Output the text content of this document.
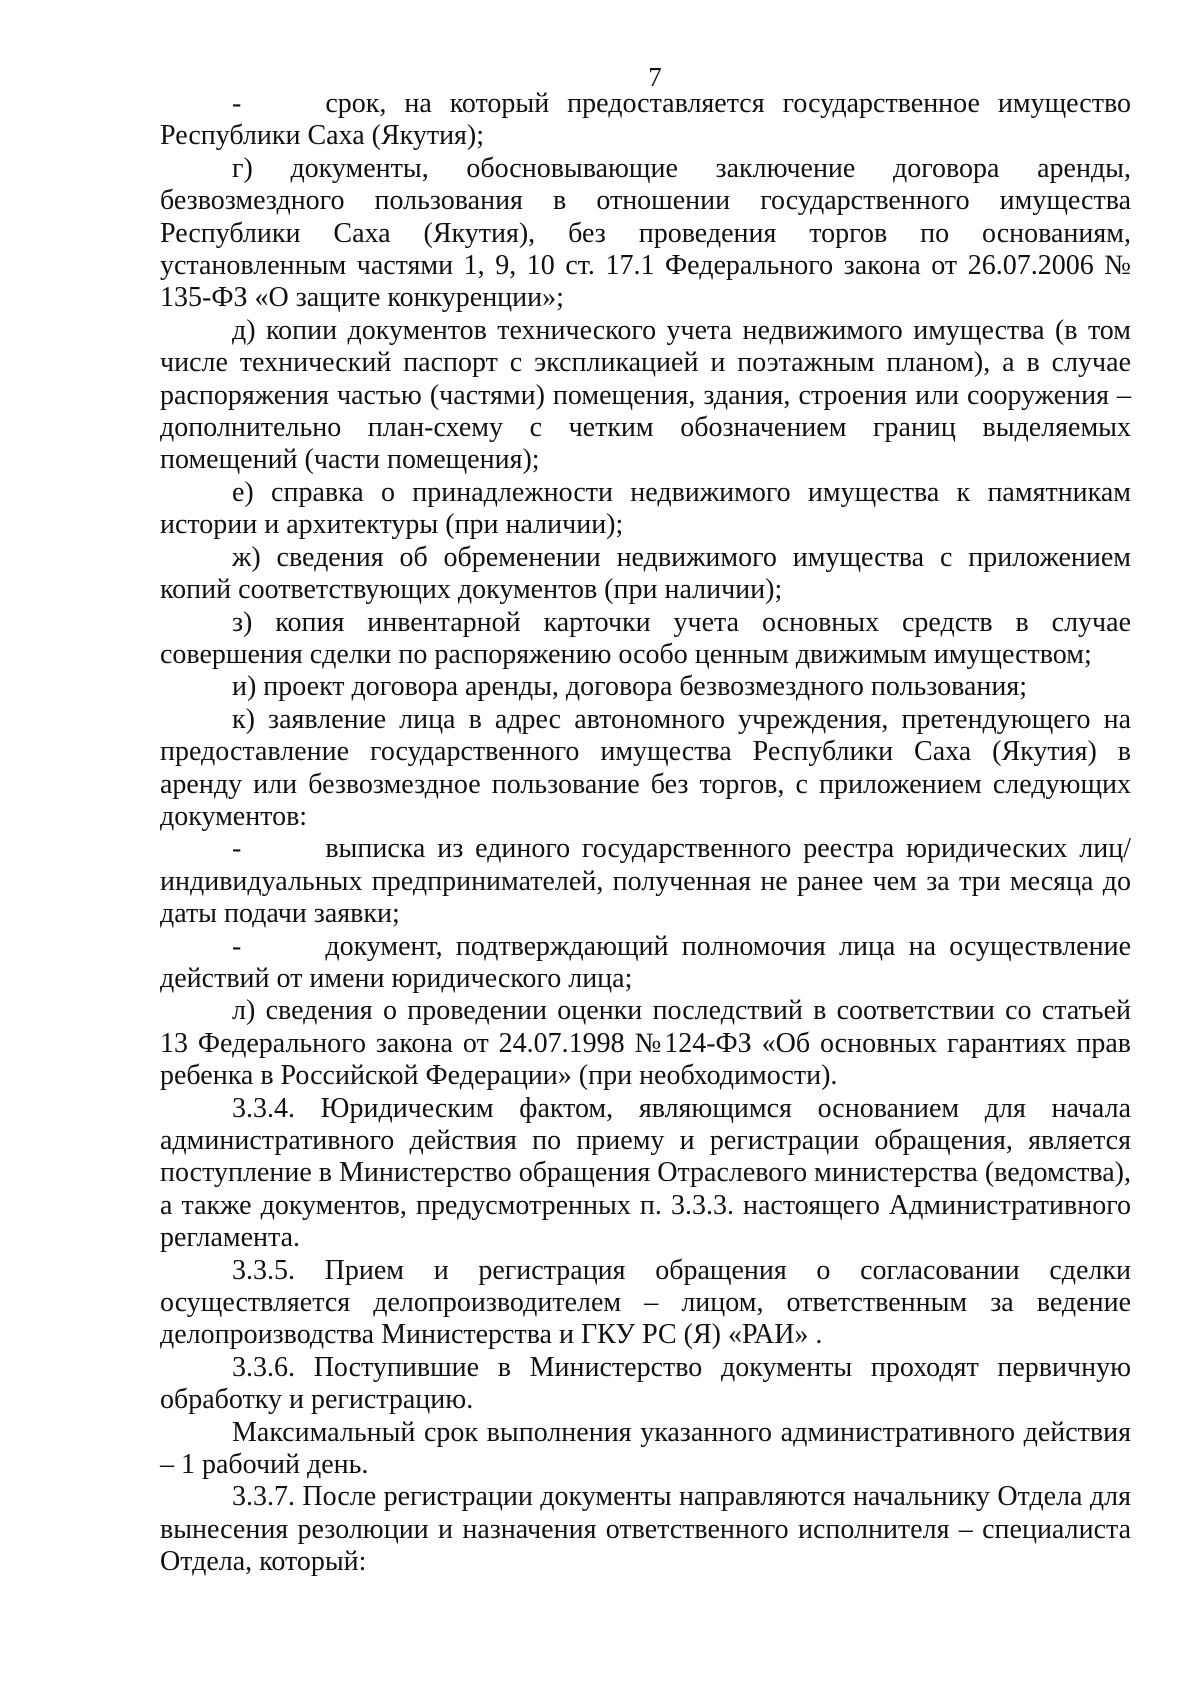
7

-   срок, на который предоставляется государственное имущество Республики Саха (Якутия);

г) документы, обосновывающие заключение договора аренды, безвозмездного пользования в отношении государственного имущества Республики Саха (Якутия), без проведения торгов по основаниям, установленным частями 1, 9, 10 ст. 17.1 Федерального закона от 26.07.2006 № 135-ФЗ «О защите конкуренции»;

д) копии документов технического учета недвижимого имущества (в том числе технический паспорт с экспликацией и поэтажным планом), а в случае распоряжения частью (частями) помещения, здания, строения или сооружения – дополнительно план-схему с четким обозначением границ выделяемых помещений (части помещения);

е) справка о принадлежности недвижимого имущества к памятникам истории и архитектуры (при наличии);

ж) сведения об обременении недвижимого имущества с приложением копий соответствующих документов (при наличии);

з) копия инвентарной карточки учета основных средств в случае совершения сделки по распоряжению особо ценным движимым имуществом;

и) проект договора аренды, договора безвозмездного пользования;

к) заявление лица в адрес автономного учреждения, претендующего на предоставление государственного имущества Республики Саха (Якутия) в аренду или безвозмездное пользование без торгов, с приложением следующих документов:

-   выписка из единого государственного реестра юридических лиц/индивидуальных предпринимателей, полученная не ранее чем за три месяца до даты подачи заявки;

-   документ, подтверждающий полномочия лица на осуществление действий от имени юридического лица;

л) сведения о проведении оценки последствий в соответствии со статьей 13 Федерального закона от 24.07.1998 №124-ФЗ «Об основных гарантиях прав ребенка в Российской Федерации» (при необходимости).

3.3.4. Юридическим фактом, являющимся основанием для начала административного действия по приему и регистрации обращения, является поступление в Министерство обращения Отраслевого министерства (ведомства), а также документов, предусмотренных п. 3.3.3. настоящего Административного регламента.

3.3.5. Прием и регистрация обращения о согласовании сделки осуществляется делопроизводителем – лицом, ответственным за ведение делопроизводства Министерства и ГКУ РС (Я) «РАИ» .

3.3.6. Поступившие в Министерство документы проходят первичную обработку и регистрацию.

Максимальный срок выполнения указанного административного действия – 1 рабочий день.

3.3.7. После регистрации документы направляются начальнику Отдела для вынесения резолюции и назначения ответственного исполнителя – специалиста Отдела, который:
